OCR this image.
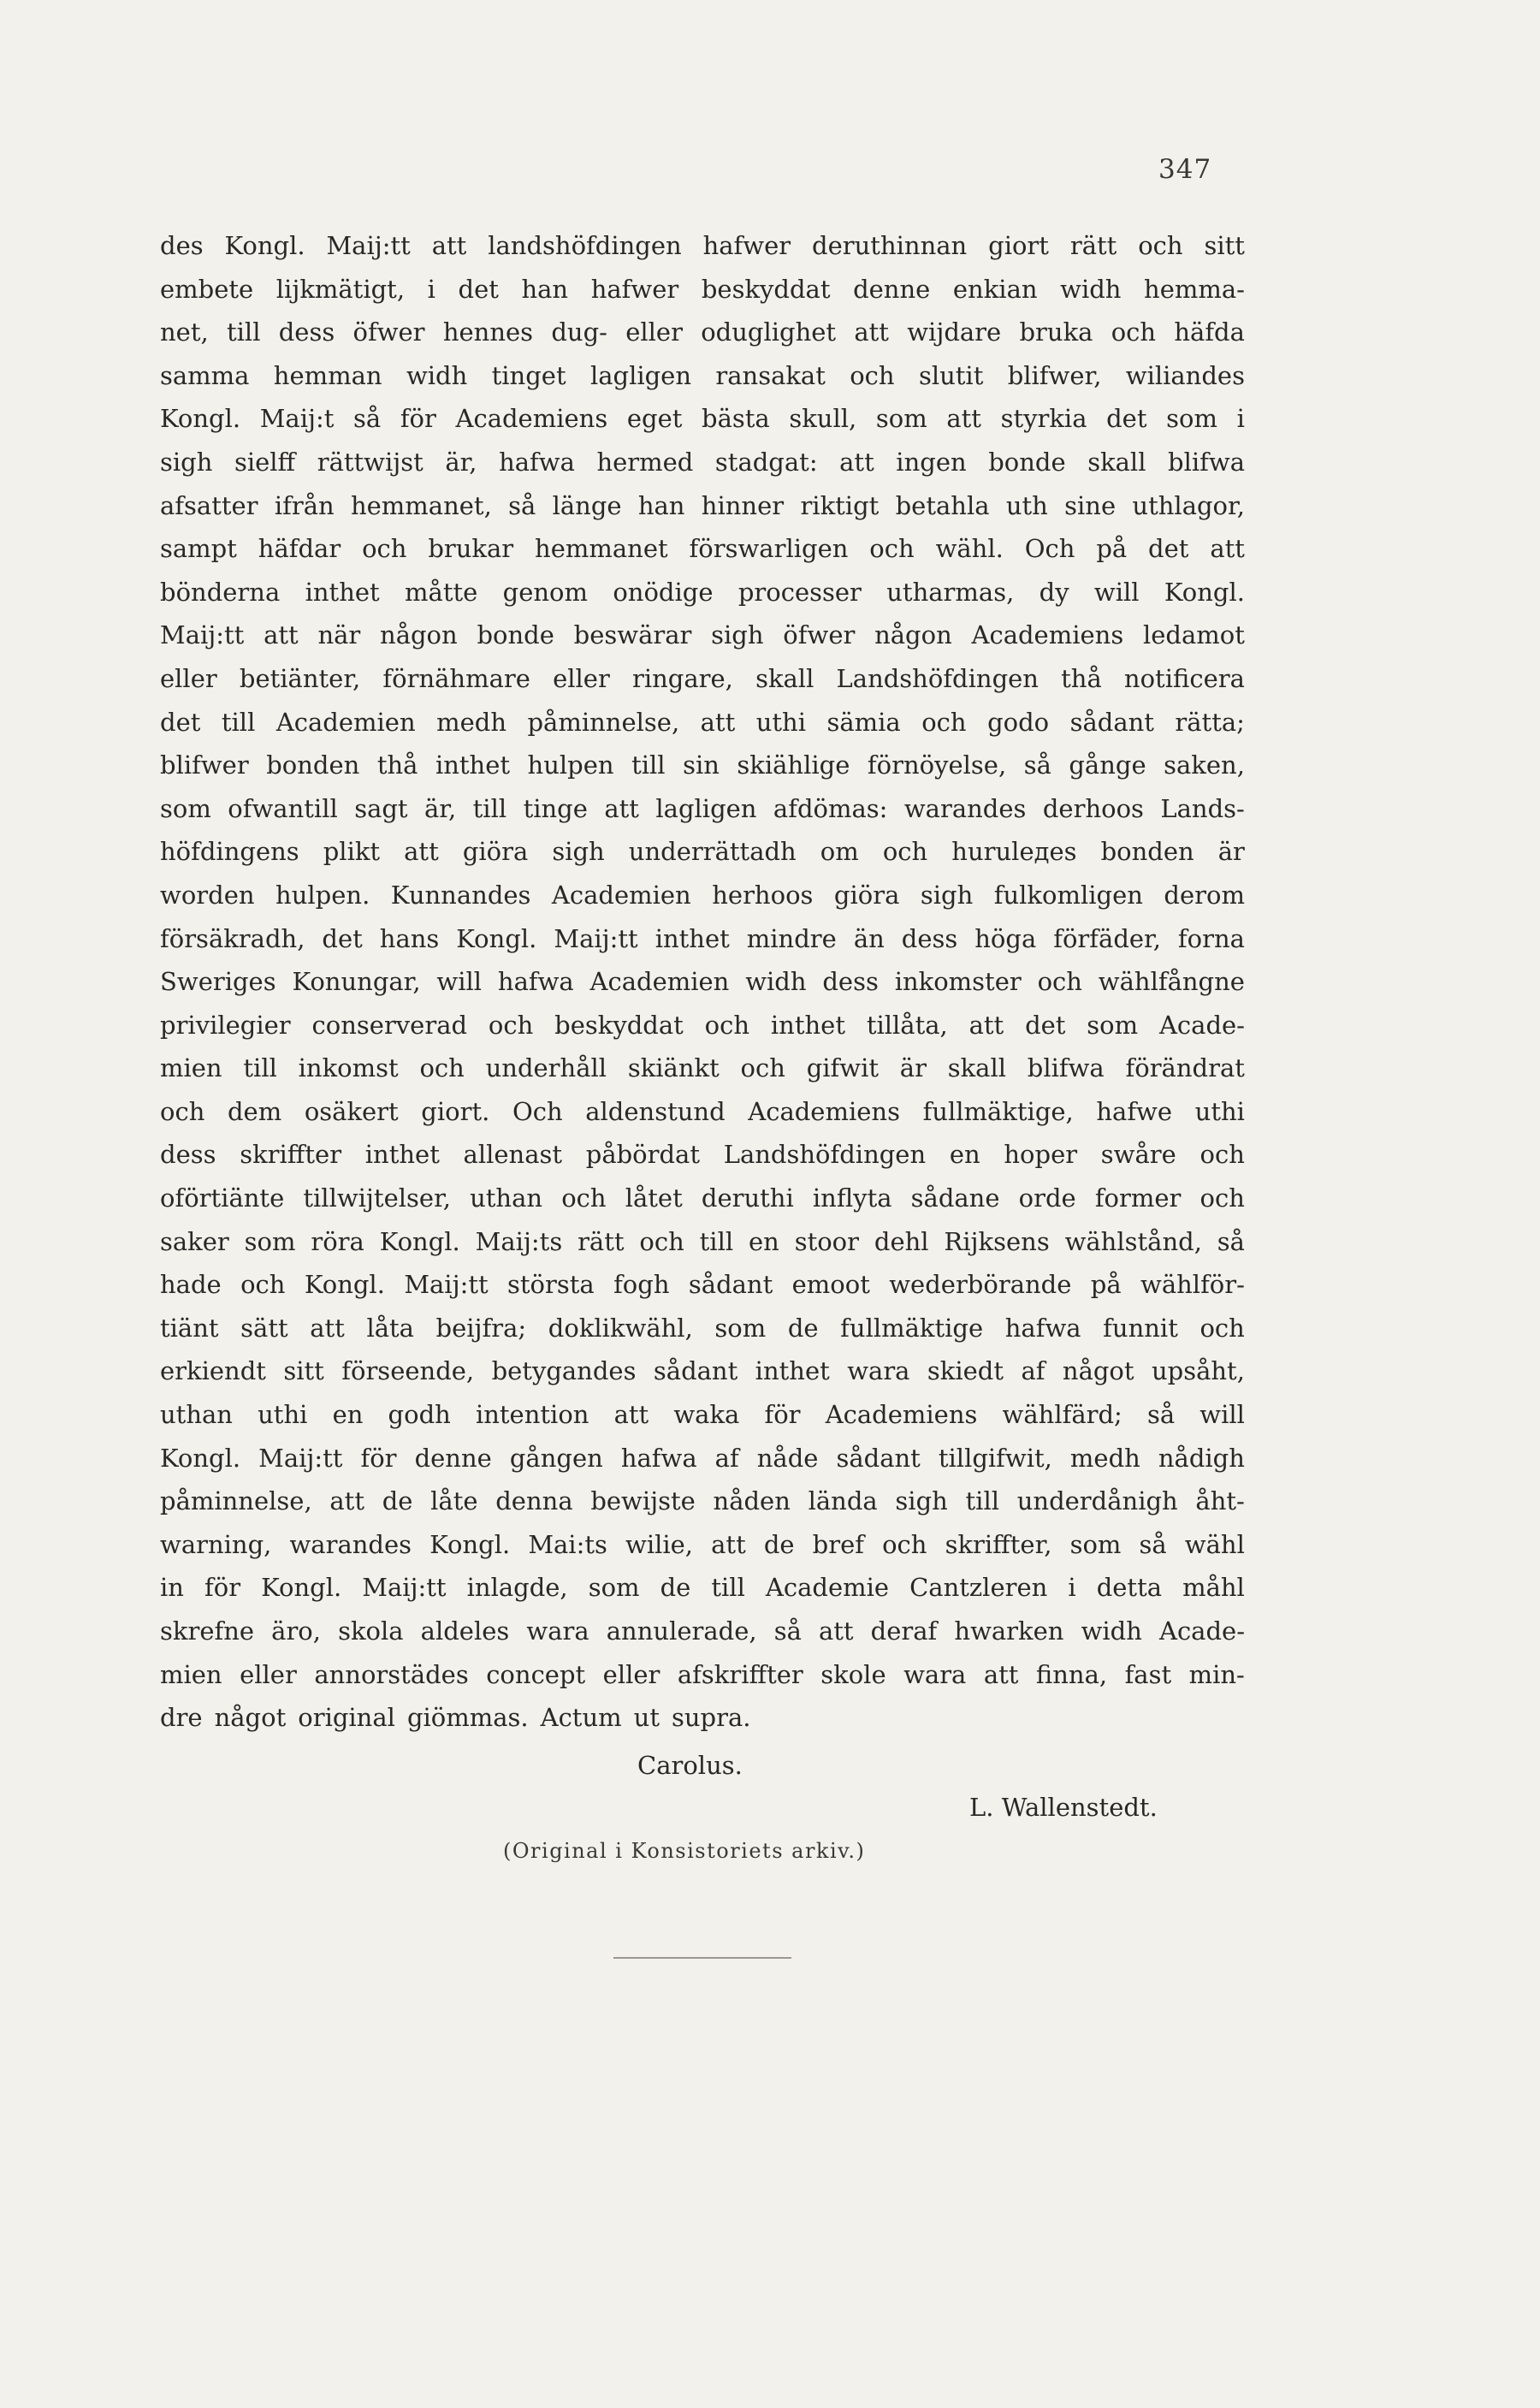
347
des Kongl. Maij:tt att landshöfdingen hafwer deruthinnan giort rätt och sitt
embete lijkmätigt, i det han hafwer beskyddat denne enkian widh hemma-
net, till dess öfwer hennes dug- eller oduglighet att wijdare bruka och häfda
samma hemman widh tinget lagligen ransakat och slutit blifwer, wiliandes
Kongl. Maij:t så för Academiens eget bästa skull, som att styrkia det som i
sigh sielff rättwijst är, hafwa hermed stadgat: att ingen bonde skall blifwa
afsatter ifrån hemmanet, så länge han hinner riktigt betahla uth sine uthlagor,
sampt häfdar och brukar hemmanet förswarligen och wähl. Och på det att
bönderna inthet måtte genom onödige processer utharmas, dy will Kongl.
Maij:tt att när någon bonde beswärar sigh öfwer någon Academiens ledamot
eller betiänter, förnähmare eller ringare, skall Landshöfdingen thå notificera
det till Academien medh påminnelse, att uthi sämia och godo sådant rätta;
blifwer bonden thå inthet hulpen till sin skiählige förnöyelse, så gånge saken,
som ofwantill sagt är, till tinge att lagligen afdömas: warandes derhoos Lands-
höfdingens plikt att giöra sigh underrättadh om och hurulедes bonden är
worden hulpen. Kunnandes Academien herhoos giöra sigh fulkomligen derom
försäkradh, det hans Kongl. Maij:tt inthet mindre än dess höga förfäder, forna
Sweriges Konungar, will hafwa Academien widh dess inkomster och wählfångne
privilegier conserverad och beskyddat och inthet tillåta, att det som Acade-
mien till inkomst och underhåll skiänkt och gifwit är skall blifwa förändrat
och dem osäkert giort. Och aldenstund Academiens fullmäktige, hafwe uthi
dess skriffter inthet allenast påbördat Landshöfdingen en hoper swåre och
oförtiänte tillwijtelser, uthan och låtet deruthi inflyta sådane orde former och
saker som röra Kongl. Maij:ts rätt och till en stoor dehl Rijksens wählstånd, så
hade och Kongl. Maij:tt största fogh sådant emoot wederbörande på wählför-
tiänt sätt att låta beijfra; doklikwähl, som de fullmäktige hafwa funnit och
erkiendt sitt förseende, betygandes sådant inthet wara skiedt af något upsåht,
uthan uthi en godh intention att waka för Academiens wählfärd; så will
Kongl. Maij:tt för denne gången hafwa af nåde sådant tillgifwit, medh nådigh
påminnelse, att de låte denna bewijste nåden lända sigh till underdånigh åht-
warning, warandes Kongl. Mai:ts wilie, att de bref och skriffter, som så wähl
in för Kongl. Maij:tt inlagde, som de till Academie Cantzleren i detta måhl
skrefne äro, skola aldeles wara annulerade, så att deraf hwarken widh Acade-
mien eller annorstädes concept eller afskriffter skole wara att finna, fast min-
dre något original giömmas. Actum ut supra.
Carolus.
L. Wallenstedt.
(Original i Konsistoriets arkiv.)
